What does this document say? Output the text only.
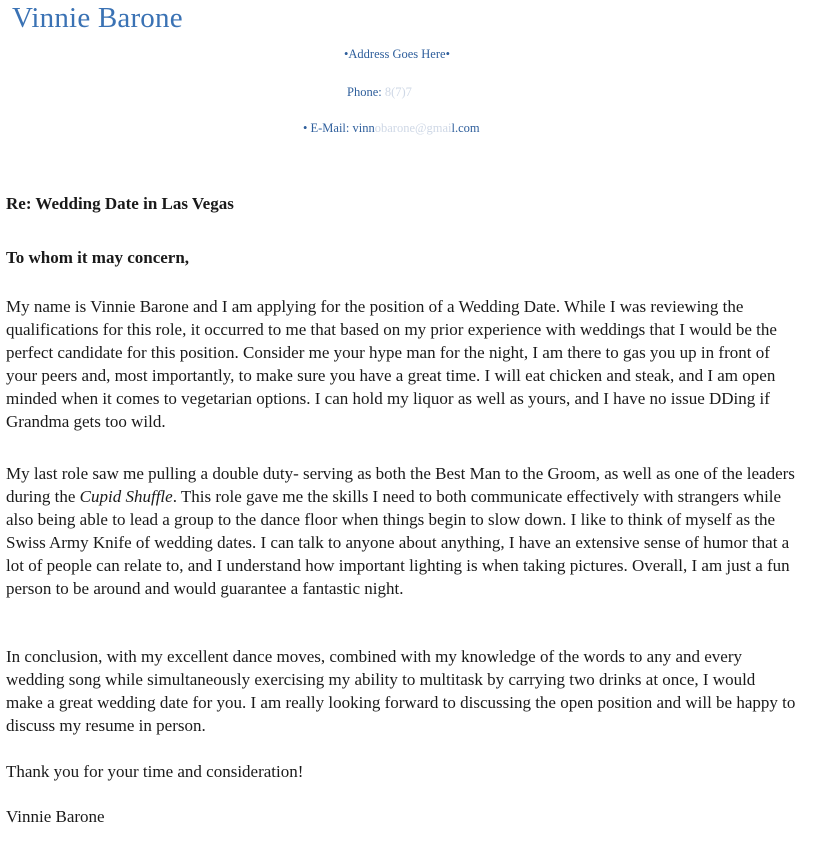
Vinnie Barone
•Address Goes Here•
Phone: 8(7)7
• E-Mail: vinnobarone@gmail.com
Re: Wedding Date in Las Vegas
To whom it may concern,

My name is Vinnie Barone and I am applying for the position of a Wedding Date. While I was reviewing the qualifications for this role, it occurred to me that based on my prior experience with weddings that I would be the perfect candidate for this position. Consider me your hype man for the night, I am there to gas you up in front of your peers and, most importantly, to make sure you have a great time. I will eat chicken and steak, and I am open minded when it comes to vegetarian options. I can hold my liquor as well as yours, and I have no issue DDing if Grandma gets too wild.

My last role saw me pulling a double duty- serving as both the Best Man to the Groom, as well as one of the leaders during the Cupid Shuffle. This role gave me the skills I need to both communicate effectively with strangers while also being able to lead a group to the dance floor when things begin to slow down. I like to think of myself as the Swiss Army Knife of wedding dates. I can talk to anyone about anything, I have an extensive sense of humor that a lot of people can relate to, and I understand how important lighting is when taking pictures. Overall, I am just a fun person to be around and would guarantee a fantastic night.

In conclusion, with my excellent dance moves, combined with my knowledge of the words to any and every wedding song while simultaneously exercising my ability to multitask by carrying two drinks at once, I would make a great wedding date for you. I am really looking forward to discussing the open position and will be happy to discuss my resume in person.

Thank you for your time and consideration!

Vinnie Barone
